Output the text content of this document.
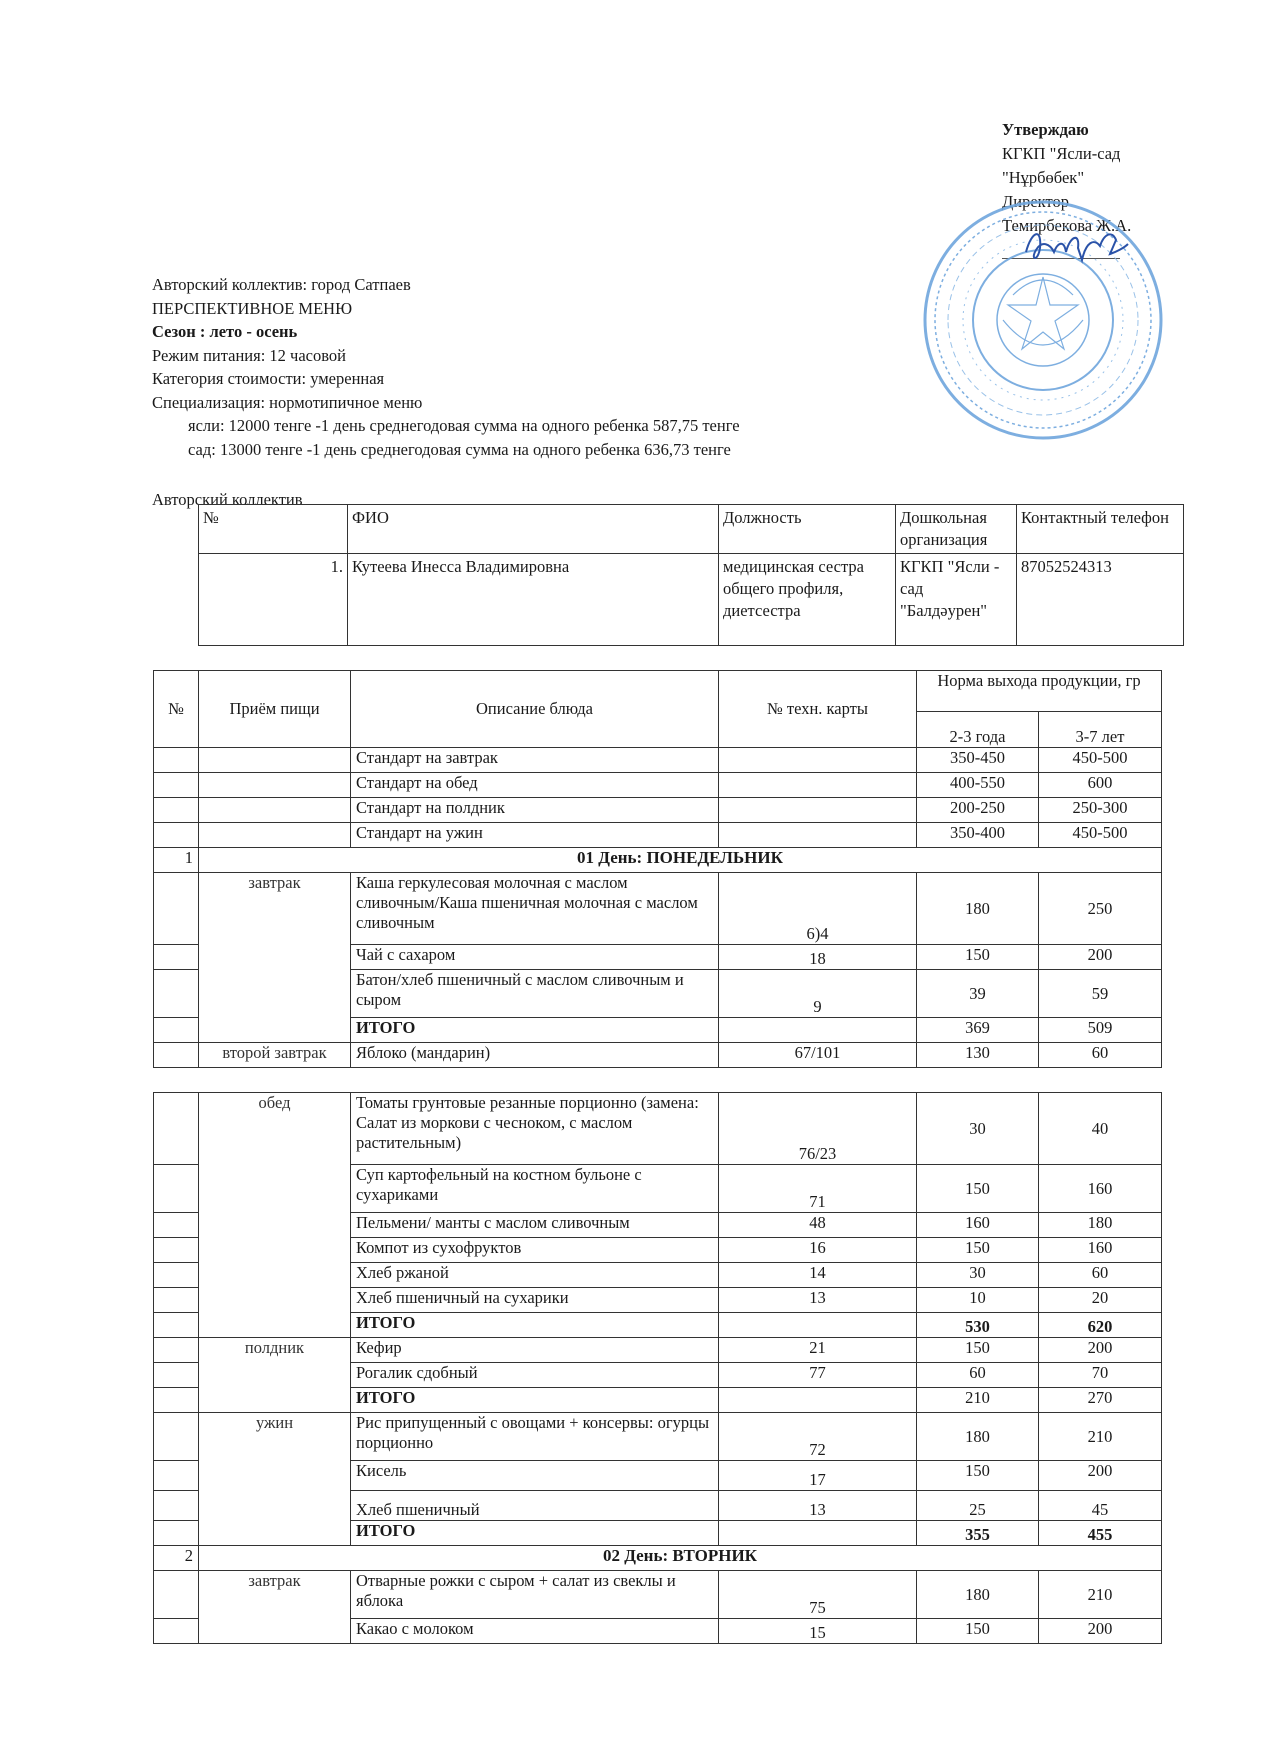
Утверждаю
КГКП "Ясли-сад
"Нұрбөбек"
Директор
Темирбекова Ж.А.
Авторский коллектив: город Сатпаев
ПЕРСПЕКТИВНОЕ МЕНЮ
Сезон : лето - осень
Режим питания: 12 часовой
Категория стоимости: умеренная
Специализация: нормотипичное меню
ясли: 12000 тенге -1 день среднегодовая сумма на одного ребенка 587,75 тенге
сад: 13000 тенге -1 день среднегодовая сумма на одного ребенка 636,73 тенге
Авторский коллектив
№	ФИО	Должность	Дошкольная организация	Контактный телефон
1.	Кутеева Инесса Владимировна	медицинская сестра общего профиля, диетсестра	КГКП "Ясли - сад "Балдәурен"	87052524313
№	Приём пищи	Описание блюда	№ техн. карты	Норма выхода продукции, гр	
				2-3 года	3-7 лет
		Стандарт на завтрак		350-450	450-500
		Стандарт на обед		400-550	600
		Стандарт на полдник		200-250	250-300
		Стандарт на ужин		350-400	450-500
1	01 День: ПОНЕДЕЛЬНИК				
	завтрак	Каша геркулесовая молочная с маслом сливочным/Каша пшеничная молочная с маслом сливочным	6)4	180	250
		Чай с сахаром	18	150	200
		Батон/хлеб пшеничный с маслом сливочным и сыром	9	39	59
		ИТОГО		369	509
	второй завтрак	Яблоко (мандарин)	67/101	130	60

	обед	Томаты грунтовые резанные порционно (замена: Салат из моркови с чесноком, с маслом растительным)	76/23	30	40
		Суп картофельный на костном бульоне с сухариками	71	150	160
		Пельмени/ манты с маслом сливочным	48	160	180
		Компот из сухофруктов	16	150	160
		Хлеб ржаной	14	30	60
		Хлеб пшеничный на сухарики	13	10	20
		ИТОГО		530	620
	полдник	Кефир	21	150	200
		Рогалик сдобный	77	60	70
		ИТОГО		210	270
	ужин	Рис припущенный с овощами + консервы: огурцы порционно	72	180	210
		Кисель	17	150	200
		Хлеб пшеничный	13	25	45
		ИТОГО		355	455
2	02 День: ВТОРНИК				
	завтрак	Отварные рожки с сыром + салат из свеклы и яблока	75	180	210
		Какао с молоком	15	150	200
